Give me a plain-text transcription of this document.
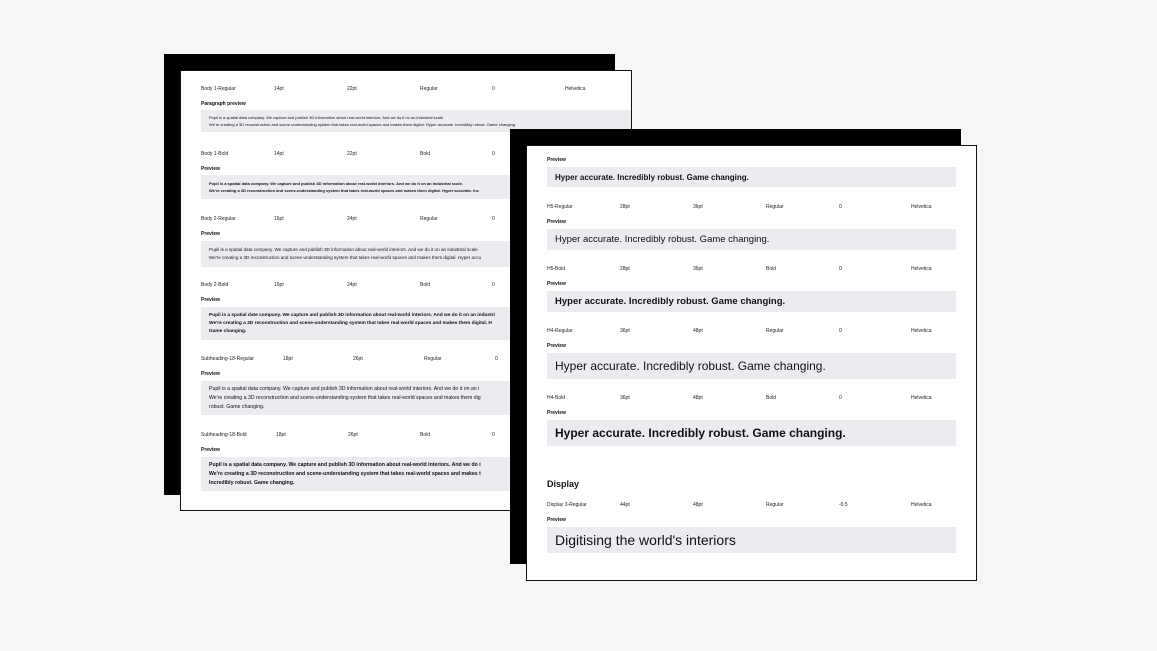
Body 1-Regular	14pt	22pt	Regular	0	Helvetica
Paragraph preview
Pupil is a spatial data company. We capture and publish 3D information about real-world interiors. And we do it on an industrial scale.
We're creating a 3D reconstruction and scene-understanding system that takes real-world spaces and makes them digital. Hyper accurate. Incredibly robust. Game changing.
Body 1-Bold	14pt	22pt	Bold	0
Preview
Pupil is a spatial data company. We capture and publish 3D information about real-world interiors. And we do it on an industrial scale.
We're creating a 3D reconstruction and scene-understanding system that takes real-world spaces and makes them digital. Hyper accurate. Inc
Body 2-Regular	16pt	24pt	Regular	0
Preview
Pupil is a spatial data company. We capture and publish 3D information about real-world interiors. And we do it on an industrial scale.
We're creating a 3D reconstruction and scene-understanding system that takes real-world spaces and makes them digital. Hyper accu
Body 2-Bold	16pt	24pt	Bold	0
Preview
Pupil is a spatial date company. We capture and publish 3D information about real-world interiors. And we do it on an industri
We're creating a 3D reconstruction and scene-understanding system that takes real-world spaces and makes them digital. H
Game changing.
Subheading-18-Regular	18pt	26pt	Regular	0
Preview
Pupil is a spatial data company. We capture and publish 3D information about real-world interiors. And we do it on an i
We're creating a 3D reconstruction and scene-understanding system that takes real-world spaces and makes them dig
robust. Game changing.
Subheading-18-Bold	18pt	26pt	Bold	0
Preview
Pupil is a spatial data company. We capture and publish 3D information about real-world interiors. And we do i
We're creating a 3D reconstruction and scene-understanding system that takes real-world spaces and makes t
Incredibly robust. Game changing.
Preview
Hyper accurate. Incredibly robust. Game changing.
H5-Regular	28pt	36pt	Regular	0	Helvetica
Preview
Hyper accurate. Incredibly robust. Game changing.
H5-Bold	28pt	36pt	Bold	0	Helvetica
Preview
Hyper accurate. Incredibly robust. Game changing.
H4-Regular	36pt	48pt	Regular	0	Helvetica
Preview
Hyper accurate. Incredibly robust. Game changing.
H4-Bold	36pt	48pt	Bold	0	Helvetica
Preview
Hyper accurate. Incredibly robust. Game changing.
Display
Display 3-Regular	44pt	48pt	Regular	-0.5	Helvetica
Preview
Digitising the world's interiors
